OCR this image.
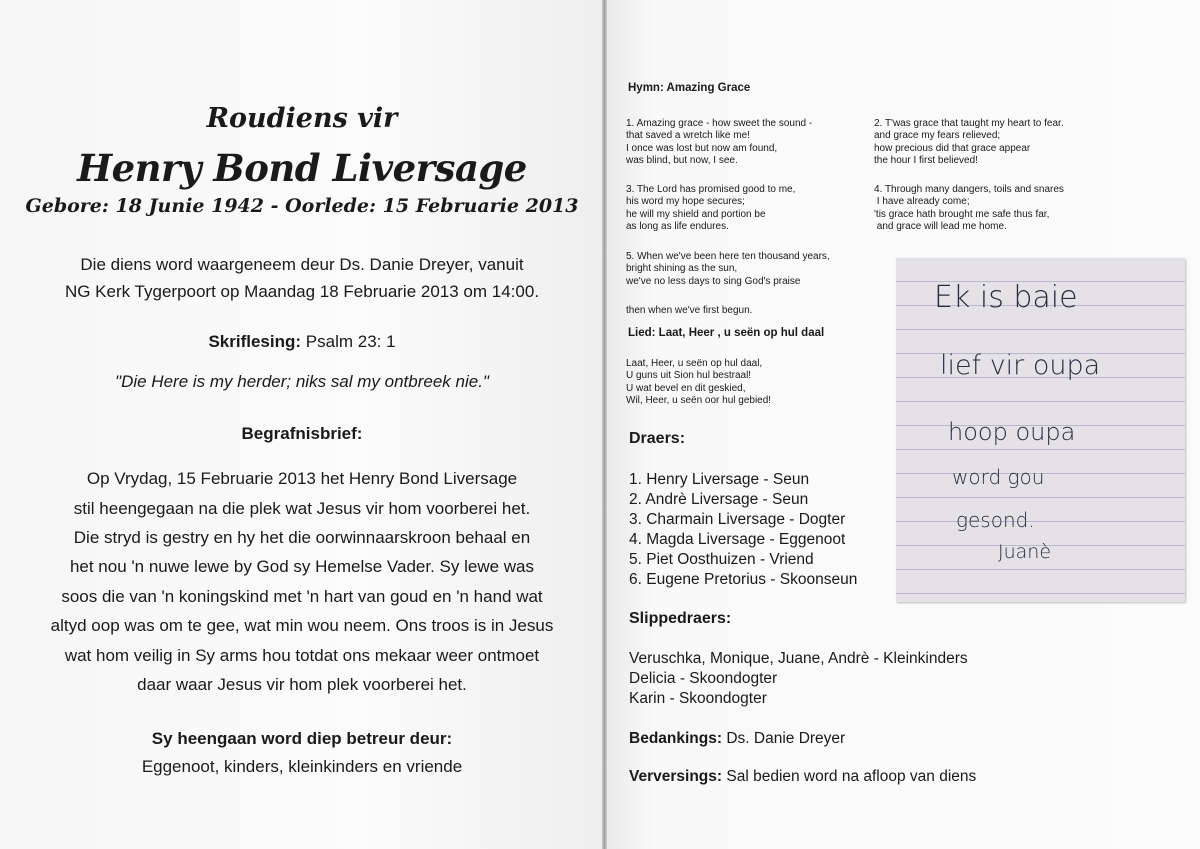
Roudiens vir
Henry Bond Liversage
Gebore: 18 Junie 1942 - Oorlede: 15 Februarie 2013
Die diens word waargeneem deur Ds. Danie Dreyer, vanuit
NG Kerk Tygerpoort op Maandag 18 Februarie 2013 om 14:00.
Skriflesing: Psalm 23: 1
"Die Here is my herder; niks sal my ontbreek nie."
Begrafnisbrief:
Op Vrydag, 15 Februarie 2013 het Henry Bond Liversage
stil heengegaan na die plek wat Jesus vir hom voorberei het.
Die stryd is gestry en hy het die oorwinnaarskroon behaal en
het nou 'n nuwe lewe by God sy Hemelse Vader. Sy lewe was
soos die van 'n koningskind met 'n hart van goud en 'n hand wat
altyd oop was om te gee, wat min wou neem. Ons troos is in Jesus
wat hom veilig in Sy arms hou totdat ons mekaar weer ontmoet
daar waar Jesus vir hom plek voorberei het.
Sy heengaan word diep betreur deur:
Eggenoot, kinders, kleinkinders en vriende
Hymn: Amazing Grace
1. Amazing grace - how sweet the sound -
that saved a wretch like me!
I once was lost but now am found,
was blind, but now, I see.
2. T'was grace that taught my heart to fear.
and grace my fears relieved;
how precious did that grace appear
the hour I first believed!
3. The Lord has promised good to me,
his word my hope secures;
he will my shield and portion be
as long as life endures.
4. Through many dangers, toils and snares
I have already come;
'tis grace hath brought me safe thus far,
and grace will lead me home.
5. When we've been here ten thousand years,
bright shining as the sun,
we've no less days to sing God's praise
then when we've first begun.
Lied: Laat, Heer , u seën op hul daal
Laat, Heer, u seën op hul daal,
U guns uit Sion hul bestraal!
U wat bevel en dit geskied,
Wil, Heer, u seën oor hul gebied!
Draers:
1. Henry Liversage - Seun
2. Andrè Liversage - Seun
3. Charmain Liversage - Dogter
4. Magda Liversage - Eggenoot
5. Piet Oosthuizen - Vriend
6. Eugene Pretorius - Skoonseun
Slippedraers:
Veruschka, Monique, Juane, Andrè - Kleinkinders
Delicia - Skoondogter
Karin - Skoondogter
Bedankings: Ds. Danie Dreyer
Verversings: Sal bedien word na afloop van diens
Ek is baie
lief vir oupa
hoop oupa
word gou
gesond.
Juanè
